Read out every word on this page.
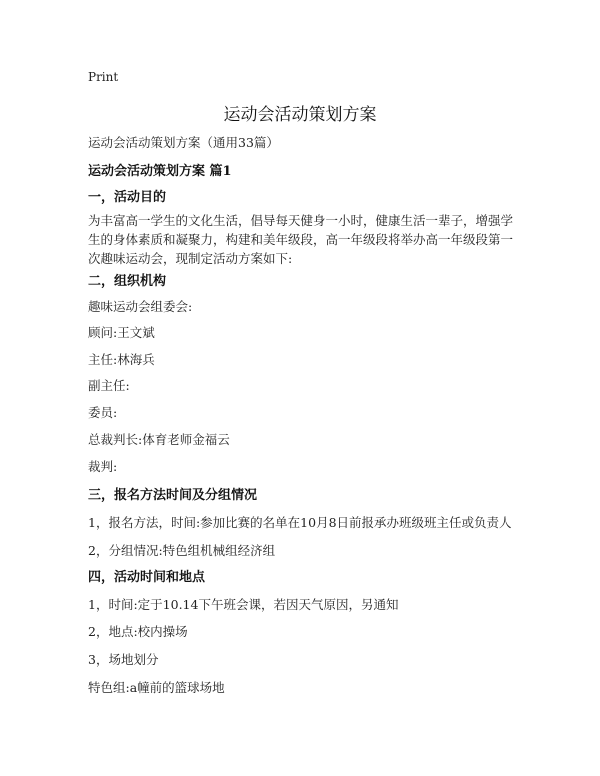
Print
运动会活动策划方案
运动会活动策划方案（通用33篇）
运动会活动策划方案 篇1
一，活动目的
为丰富高一学生的文化生活，倡导每天健身一小时，健康生活一辈子，增强学生的身体素质和凝聚力，构建和美年级段，高一年级段将举办高一年级段第一次趣味运动会，现制定活动方案如下:
二，组织机构
趣味运动会组委会:
顾问:王文斌
主任:林海兵
副主任:
委员:
总裁判长:体育老师金福云
裁判:
三，报名方法时间及分组情况
1，报名方法，时间:参加比赛的名单在10月8日前报承办班级班主任或负责人
2，分组情况:特色组机械组经济组
四，活动时间和地点
1，时间:定于10.14下午班会课，若因天气原因，另通知
2，地点:校内操场
3，场地划分
特色组:a幢前的篮球场地
